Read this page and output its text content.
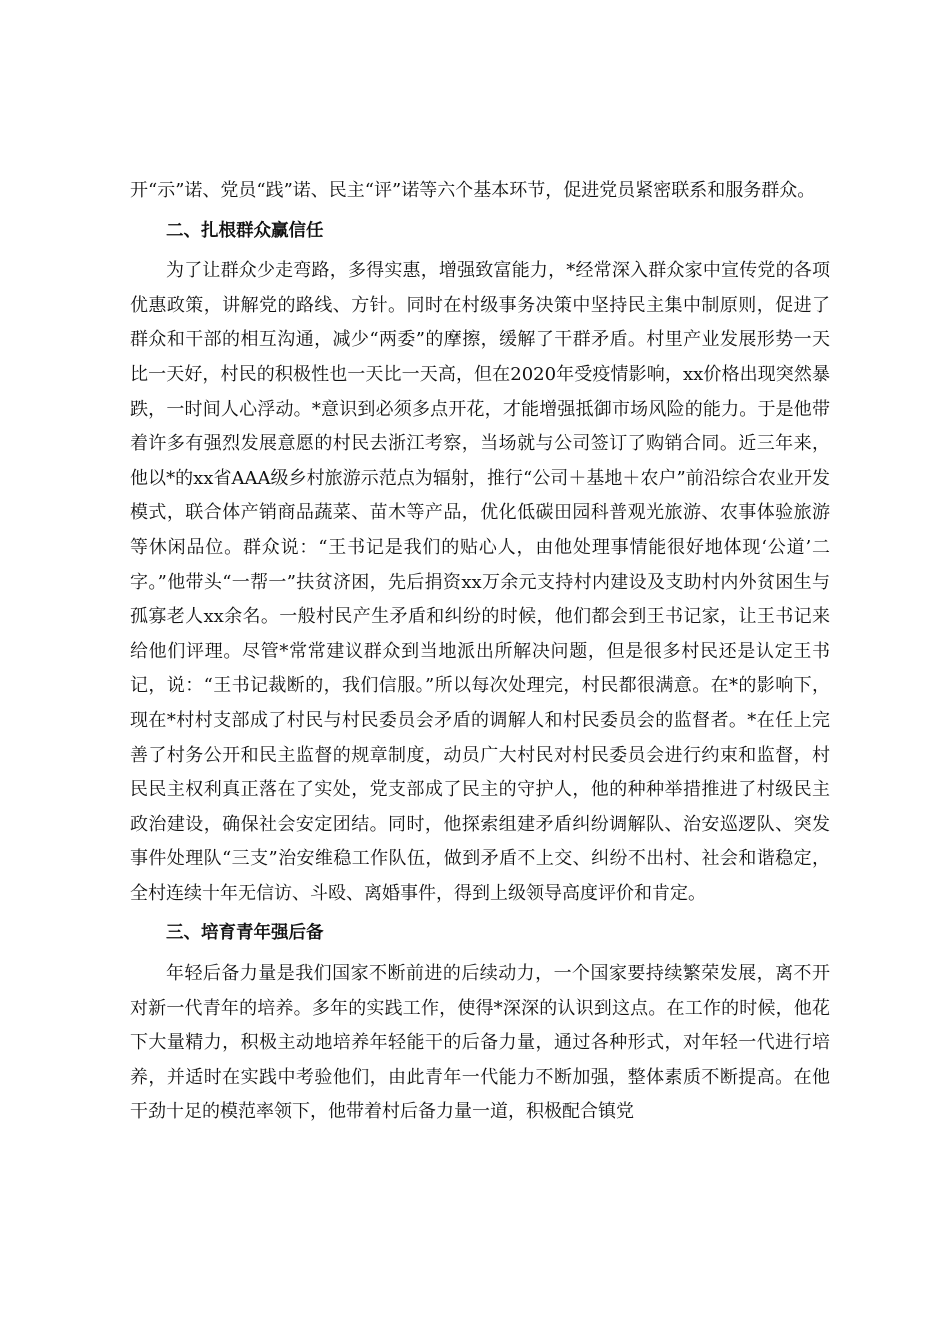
开“示”诺、党员“践”诺、民主“评”诺等六个基本环节，促进党员紧密联系和服务群众。

二、扎根群众赢信任

为了让群众少走弯路，多得实惠，增强致富能力，*经常深入群众家中宣传党的各项优惠政策，讲解党的路线、方针。同时在村级事务决策中坚持民主集中制原则，促进了群众和干部的相互沟通，减少“两委”的摩擦，缓解了干群矛盾。村里产业发展形势一天比一天好，村民的积极性也一天比一天高，但在2020年受疫情影响，xx价格出现突然暴跌，一时间人心浮动。*意识到必须多点开花，才能增强抵御市场风险的能力。于是他带着许多有强烈发展意愿的村民去浙江考察，当场就与公司签订了购销合同。近三年来，他以*的xx省AAA级乡村旅游示范点为辐射，推行“公司＋基地＋农户”前沿综合农业开发模式，联合体产销商品蔬菜、苗木等产品，优化低碳田园科普观光旅游、农事体验旅游等休闲品位。群众说：“王书记是我们的贴心人，由他处理事情能很好地体现‘公道’二字。”他带头“一帮一”扶贫济困，先后捐资xx万余元支持村内建设及支助村内外贫困生与孤寡老人xx余名。一般村民产生矛盾和纠纷的时候，他们都会到王书记家，让王书记来给他们评理。尽管*常常建议群众到当地派出所解决问题，但是很多村民还是认定王书记，说：“王书记裁断的，我们信服。”所以每次处理完，村民都很满意。在*的影响下，现在*村村支部成了村民与村民委员会矛盾的调解人和村民委员会的监督者。*在任上完善了村务公开和民主监督的规章制度，动员广大村民对村民委员会进行约束和监督，村民民主权利真正落在了实处，党支部成了民主的守护人，他的种种举措推进了村级民主政治建设，确保社会安定团结。同时，他探索组建矛盾纠纷调解队、治安巡逻队、突发事件处理队“三支”治安维稳工作队伍，做到矛盾不上交、纠纷不出村、社会和谐稳定，全村连续十年无信访、斗殴、离婚事件，得到上级领导高度评价和肯定。

三、培育青年强后备

年轻后备力量是我们国家不断前进的后续动力，一个国家要持续繁荣发展，离不开对新一代青年的培养。多年的实践工作，使得*深深的认识到这点。在工作的时候，他花下大量精力，积极主动地培养年轻能干的后备力量，通过各种形式，对年轻一代进行培养，并适时在实践中考验他们，由此青年一代能力不断加强，整体素质不断提高。在他干劲十足的模范率领下，他带着村后备力量一道，积极配合镇党
